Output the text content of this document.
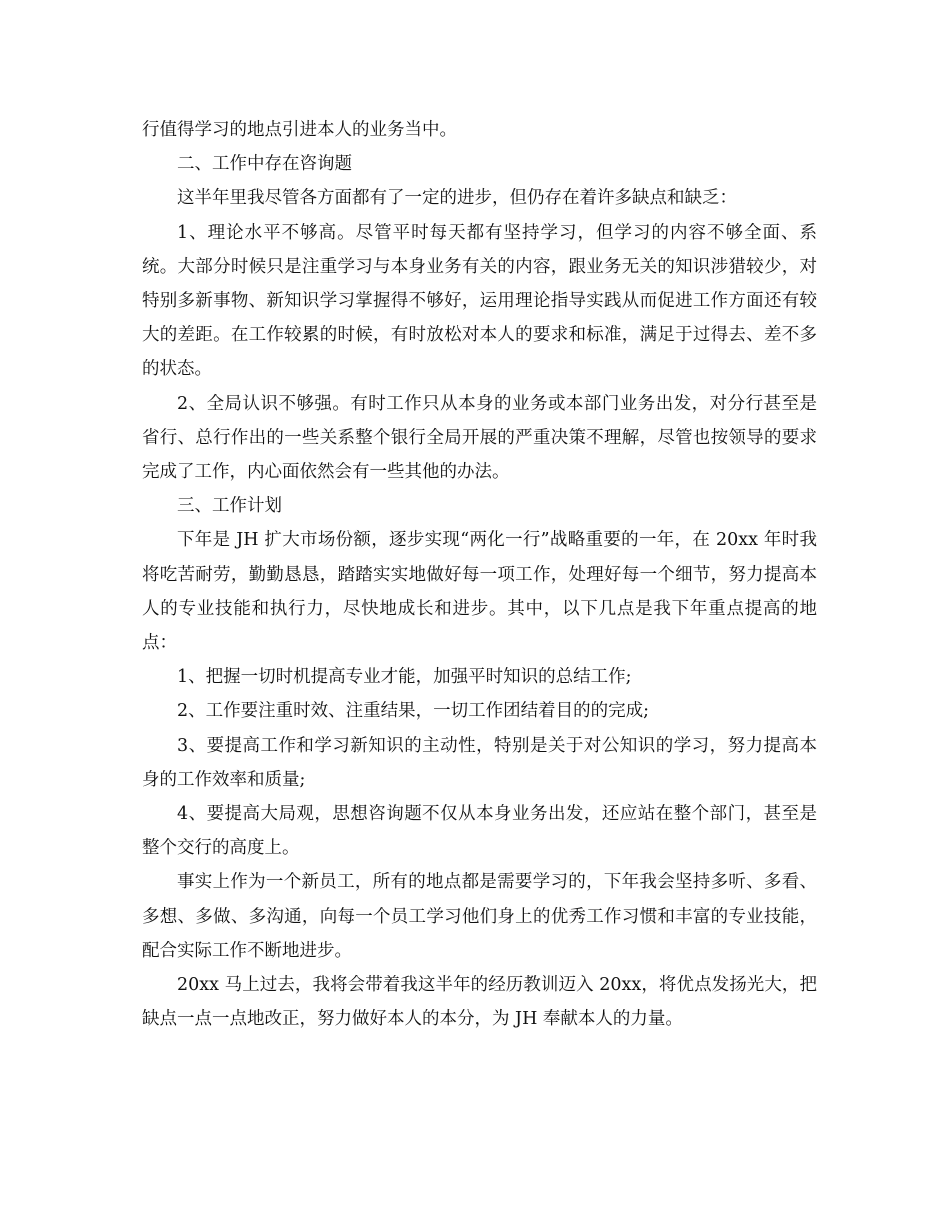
行值得学习的地点引进本人的业务当中。

二、工作中存在咨询题

这半年里我尽管各方面都有了一定的进步，但仍存在着许多缺点和缺乏：

1、理论水平不够高。尽管平时每天都有坚持学习，但学习的内容不够全面、系统。大部分时候只是注重学习与本身业务有关的内容，跟业务无关的知识涉猎较少，对特别多新事物、新知识学习掌握得不够好，运用理论指导实践从而促进工作方面还有较大的差距。在工作较累的时候，有时放松对本人的要求和标准，满足于过得去、差不多的状态。

2、全局认识不够强。有时工作只从本身的业务或本部门业务出发，对分行甚至是省行、总行作出的一些关系整个银行全局开展的严重决策不理解，尽管也按领导的要求完成了工作，内心面依然会有一些其他的办法。

三、工作计划

下年是 JH 扩大市场份额，逐步实现“两化一行”战略重要的一年，在 20xx 年时我将吃苦耐劳，勤勤恳恳，踏踏实实地做好每一项工作，处理好每一个细节，努力提高本人的专业技能和执行力，尽快地成长和进步。其中，以下几点是我下年重点提高的地点：

1、把握一切时机提高专业才能，加强平时知识的总结工作;

2、工作要注重时效、注重结果，一切工作团结着目的的完成;

3、要提高工作和学习新知识的主动性，特别是关于对公知识的学习，努力提高本身的工作效率和质量;

4、要提高大局观，思想咨询题不仅从本身业务出发，还应站在整个部门，甚至是整个交行的高度上。

事实上作为一个新员工，所有的地点都是需要学习的，下年我会坚持多听、多看、多想、多做、多沟通，向每一个员工学习他们身上的优秀工作习惯和丰富的专业技能，配合实际工作不断地进步。

20xx 马上过去，我将会带着我这半年的经历教训迈入 20xx，将优点发扬光大，把缺点一点一点地改正，努力做好本人的本分，为 JH 奉献本人的力量。
